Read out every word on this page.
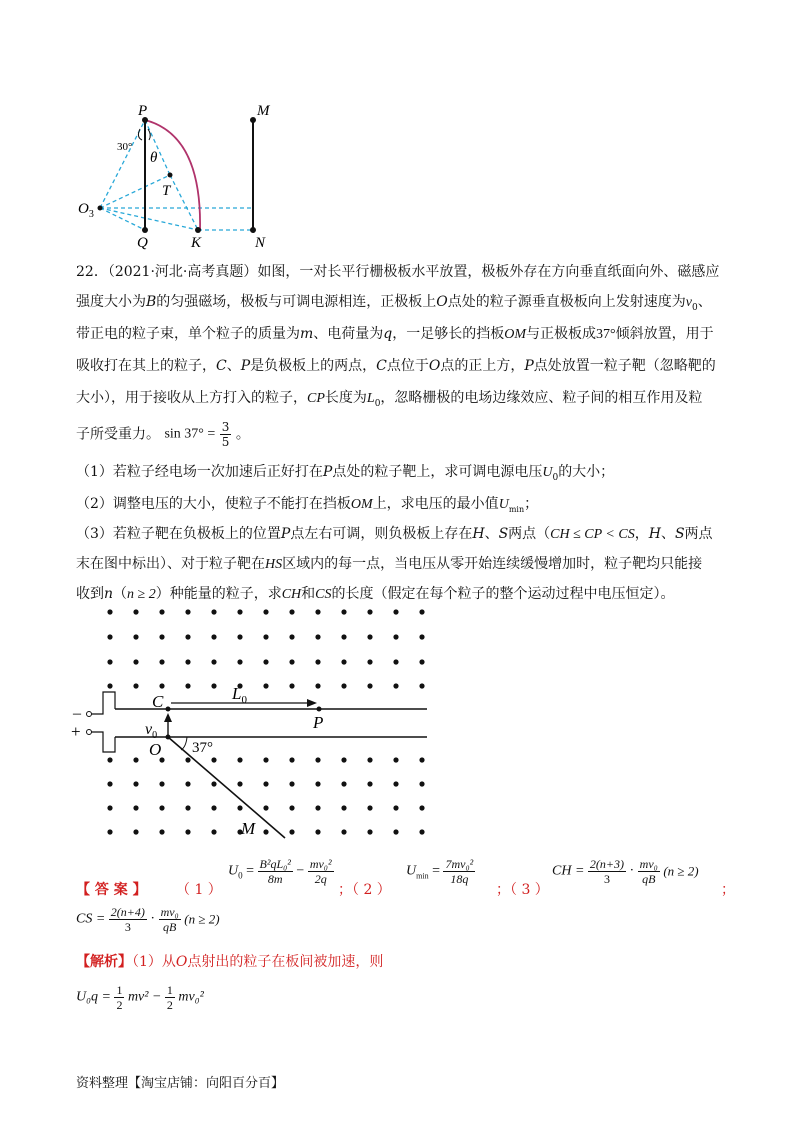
P	M
N
Q	K
T
θ
30°
$O_3$
22．（2021·河北·高考真题）如图，一对长平行栅极板水平放置，极板外存在方向垂直纸面向外、磁感应
强度大小为B的匀强磁场，极板与可调电源相连，正极板上O点处的粒子源垂直极板向上发射速度为$v_0$、
带正电的粒子束，单个粒子的质量为m、电荷量为q，一足够长的挡板OM与正极板成37°倾斜放置，用于
吸收打在其上的粒子，C、P是负极板上的两点，C点位于O点的正上方，P点处放置一粒子靶（忽略靶的
大小），用于接收从上方打入的粒子，CP长度为$L_0$，忽略栅极的电场边缘效应、粒子间的相互作用及粒
子所受重力。 $\sin 37^\circ = \frac{3}{5}$ 。
（1）若粒子经电场一次加速后正好打在P点处的粒子靶上，求可调电源电压$U_0$的大小；
（2）调整电压的大小，使粒子不能打在挡板OM上，求电压的最小值$U_{min}$；
（3）若粒子靶在负极板上的位置P点左右可调，则负极板上存在H、S两点（CH ≤ CP < CS，H、S两点
末在图中标出）、对于粒子靶在HS区域内的每一点，当电压从零开始连续缓慢增加时，粒子靶均只能接
收到n（n ≥ 2）种能量的粒子，求CH和CS的长度（假定在每个粒子的整个运动过程中电压恒定）。
–
+
C	$L_0$
P
$v_0$
O 37°
M
【 答 案 】 （ 1 ）
$U_0 = \frac{\text{B²qL₀²}}{8m} - \frac{\text{mv₀²}}{2q}$
；（ 2 ）
$U_{min} = \frac{\text{7mv₀²}}{18q}$
；（ 3 ）
CH = $\frac{2(n+3)}{3} \cdot \frac{\text{mv₀}}{qB} (n \ge 2)$
；
CS = $\frac{2(n+4)}{3} \cdot \frac{\text{mv₀}}{qB} (n \ge 2)$
【解析】（1）从O点射出的粒子在板间被加速，则
$U_0q = \frac{1}{2} mv^2 - \frac{1}{2} mv_0^2$
资料整理【淘宝店铺：向阳百分百】
